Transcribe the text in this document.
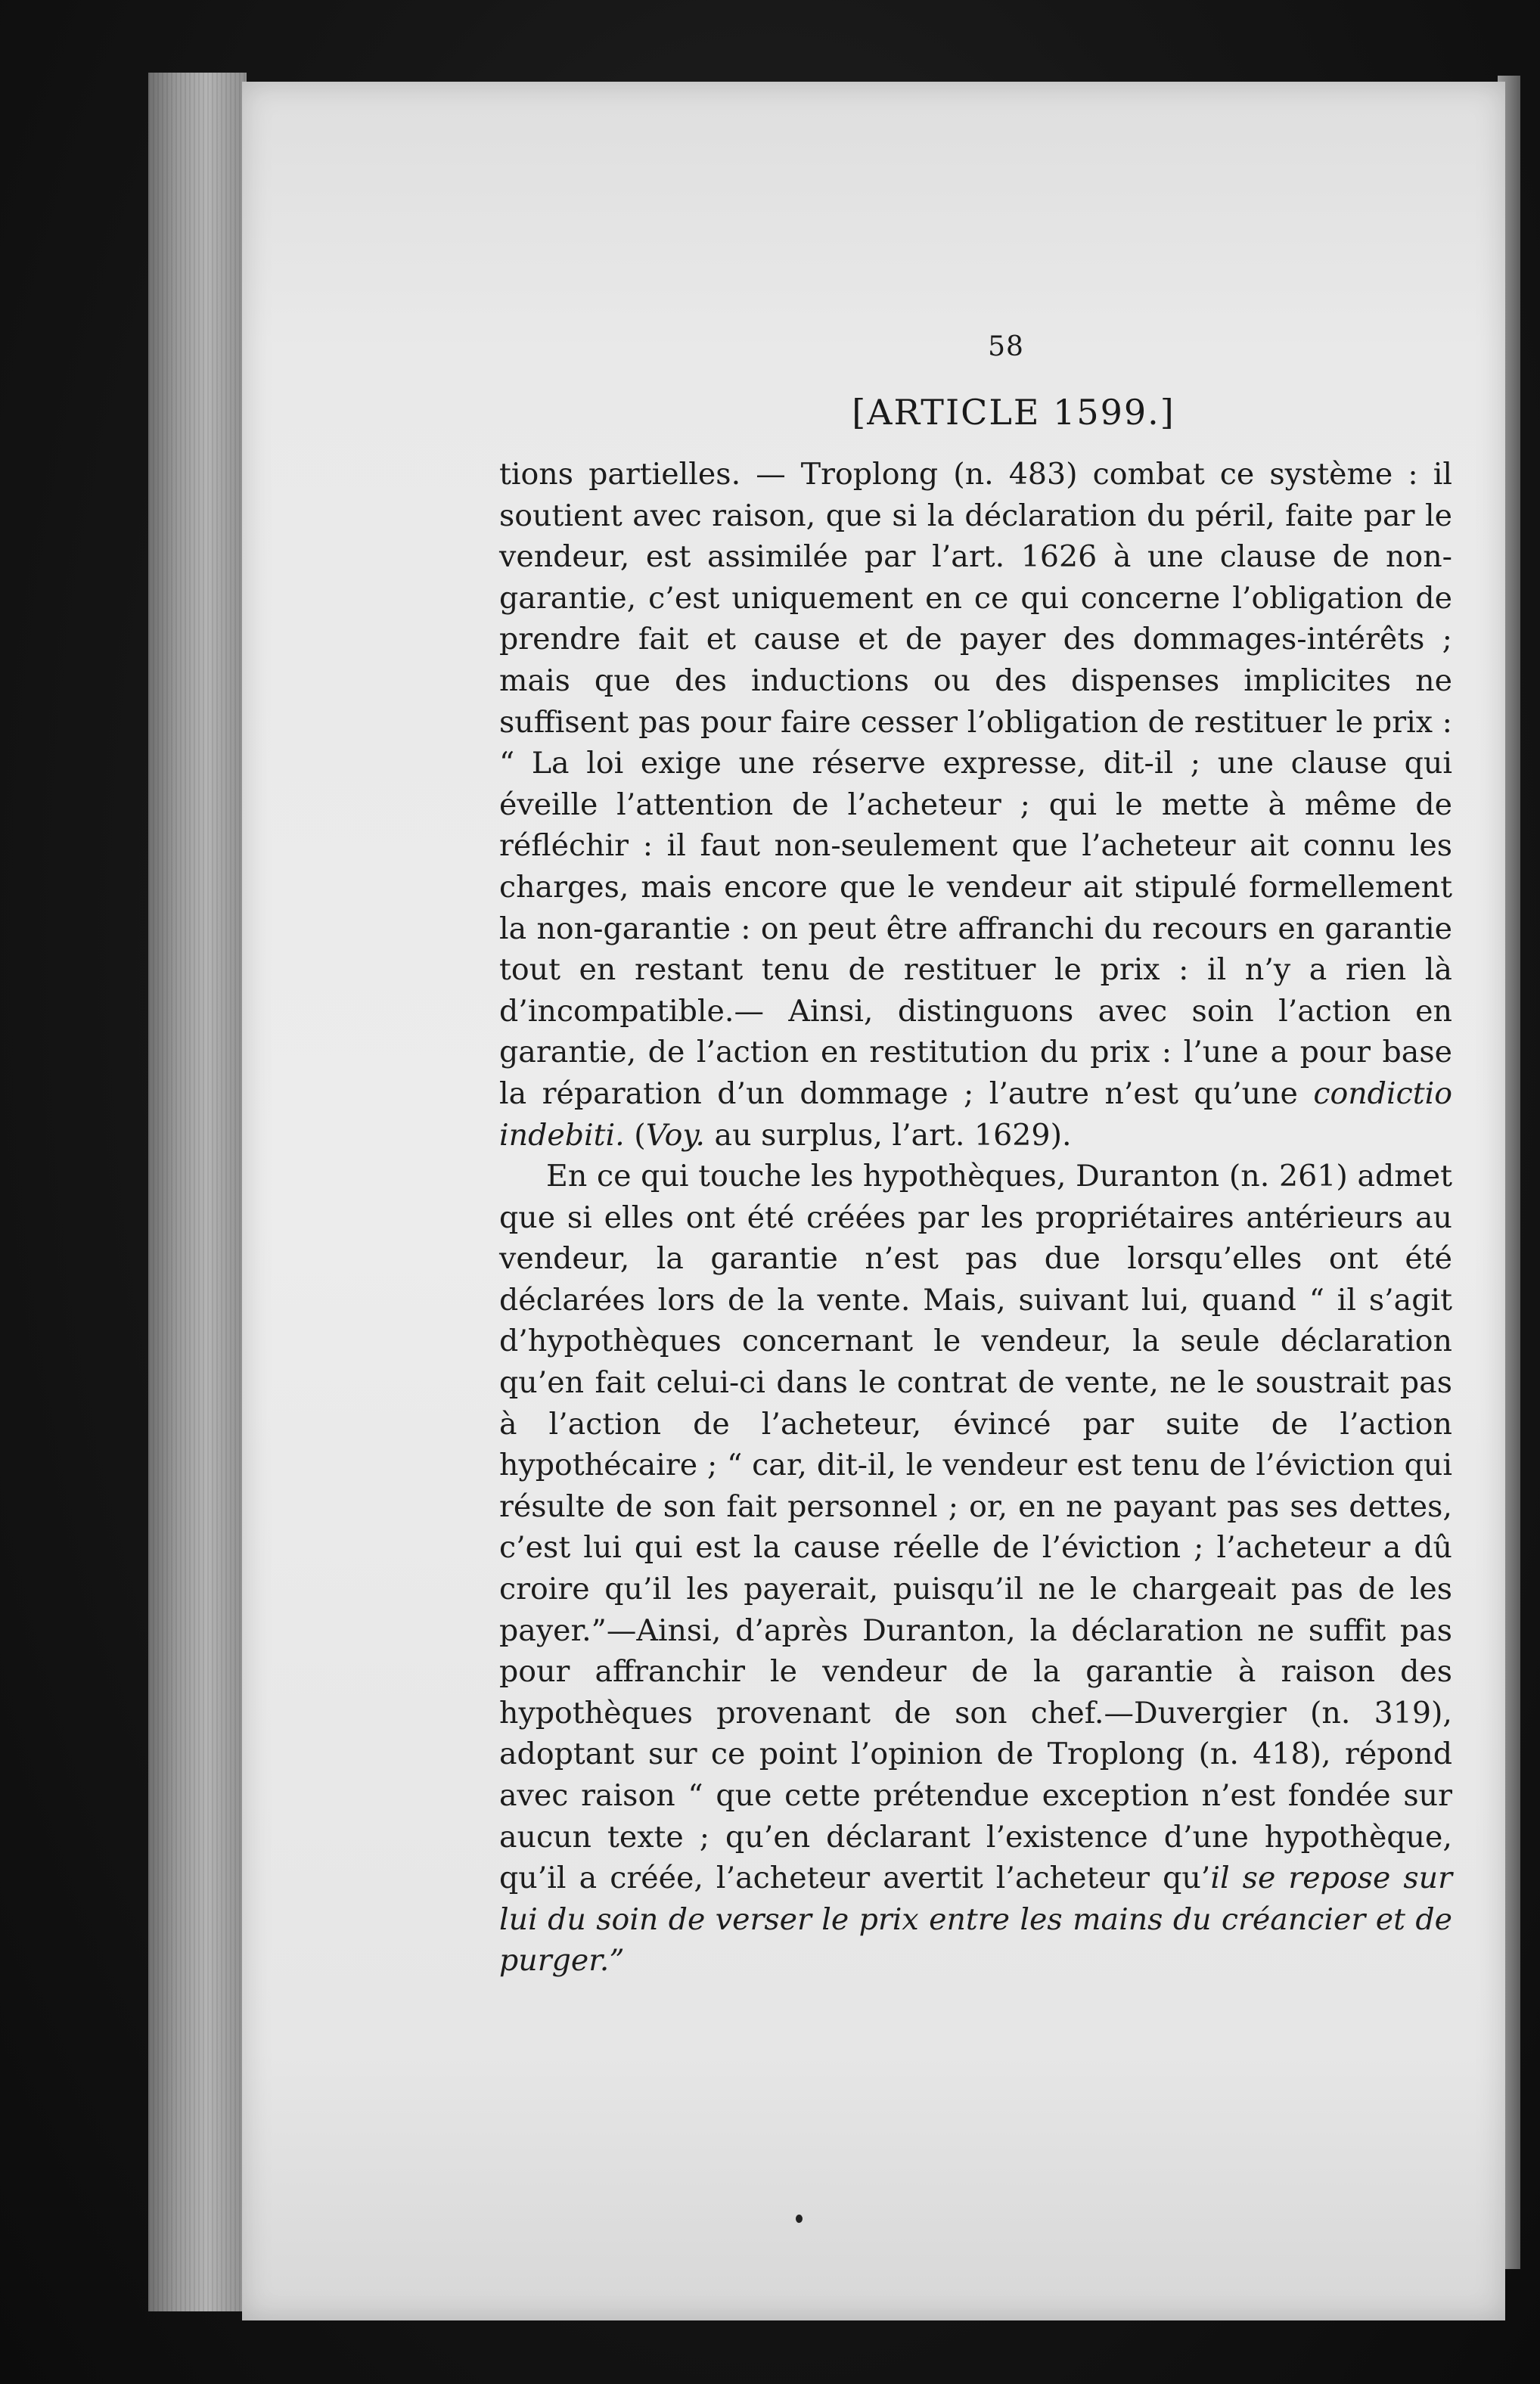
58
[ARTICLE 1599.]

tions partielles. — Troplong (n. 483) combat ce système : il soutient avec raison, que si la déclaration du péril, faite par le vendeur, est assimilée par l’art. 1626 à une clause de non-garantie, c’est uniquement en ce qui concerne l’obligation de prendre fait et cause et de payer des dommages-intérêts ; mais que des inductions ou des dispenses implicites ne suffisent pas pour faire cesser l’obligation de restituer le prix : “ La loi exige une réserve expresse, dit-il ; une clause qui éveille l’attention de l’acheteur ; qui le mette à même de réfléchir : il faut non-seulement que l’acheteur ait connu les charges, mais encore que le vendeur ait stipulé formellement la non-garantie : on peut être affranchi du recours en garantie tout en restant tenu de restituer le prix : il n’y a rien là d’incompatible.— Ainsi, distinguons avec soin l’action en garantie, de l’action en restitution du prix : l’une a pour base la réparation d’un dommage ; l’autre n’est qu’une condictio indebiti. (Voy. au surplus, l’art. 1629).

En ce qui touche les hypothèques, Duranton (n. 261) admet que si elles ont été créées par les propriétaires antérieurs au vendeur, la garantie n’est pas due lorsqu’elles ont été déclarées lors de la vente. Mais, suivant lui, quand “ il s’agit d’hypothèques concernant le vendeur, la seule déclaration qu’en fait celui-ci dans le contrat de vente, ne le soustrait pas à l’action de l’acheteur, évincé par suite de l’action hypothécaire ; “ car, dit-il, le vendeur est tenu de l’éviction qui résulte de son fait personnel ; or, en ne payant pas ses dettes, c’est lui qui est la cause réelle de l’éviction ; l’acheteur a dû croire qu’il les payerait, puisqu’il ne le chargeait pas de les payer.”—Ainsi, d’après Duranton, la déclaration ne suffit pas pour affranchir le vendeur de la garantie à raison des hypothèques provenant de son chef.—Duvergier (n. 319), adoptant sur ce point l’opinion de Troplong (n. 418), répond avec raison “ que cette prétendue exception n’est fondée sur aucun texte ; qu’en déclarant l’existence d’une hypothèque, qu’il a créée, l’acheteur avertit l’acheteur qu’il se repose sur lui du soin de verser le prix entre les mains du créancier et de purger.”
